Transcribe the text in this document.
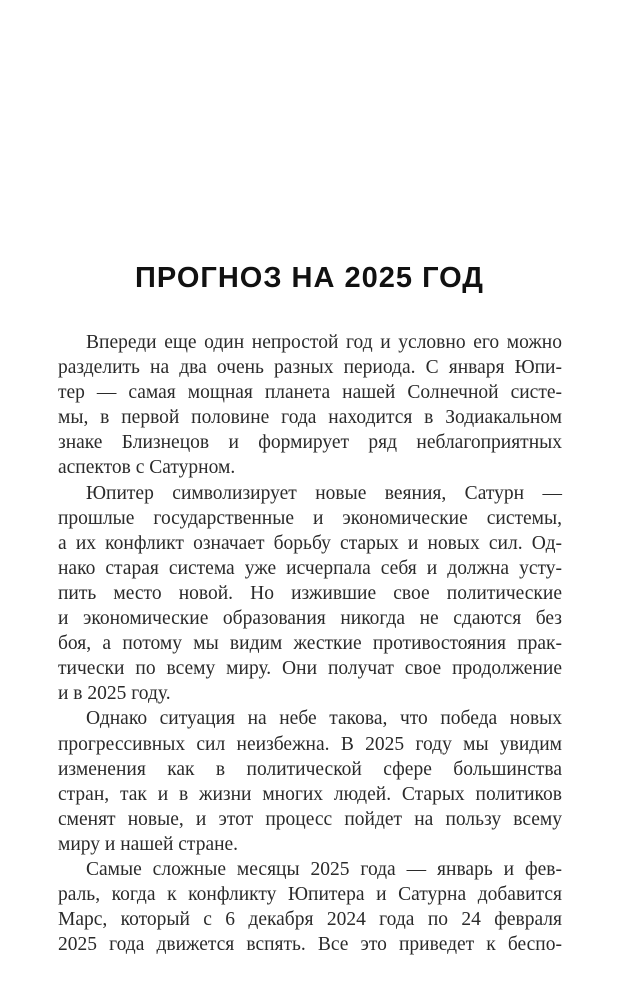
ПРОГНОЗ НА 2025 ГОД
Впереди еще один непростой год и условно его можно
разделить на два очень разных периода. С января Юпи-
тер — самая мощная планета нашей Солнечной систе-
мы, в первой половине года находится в Зодиакальном
знаке Близнецов и формирует ряд неблагоприятных
аспектов с Сатурном.
Юпитер символизирует новые веяния, Сатурн —
прошлые государственные и экономические системы,
а их конфликт означает борьбу старых и новых сил. Од-
нако старая система уже исчерпала себя и должна усту-
пить место новой. Но изжившие свое политические
и экономические образования никогда не сдаются без
боя, а потому мы видим жесткие противостояния прак-
тически по всему миру. Они получат свое продолжение
и в 2025 году.
Однако ситуация на небе такова, что победа новых
прогрессивных сил неизбежна. В 2025 году мы увидим
изменения как в политической сфере большинства
стран, так и в жизни многих людей. Старых политиков
сменят новые, и этот процесс пойдет на пользу всему
миру и нашей стране.
Самые сложные месяцы 2025 года — январь и фев-
раль, когда к конфликту Юпитера и Сатурна добавится
Марс, который с 6 декабря 2024 года по 24 февраля
2025 года движется вспять. Все это приведет к беспо-
